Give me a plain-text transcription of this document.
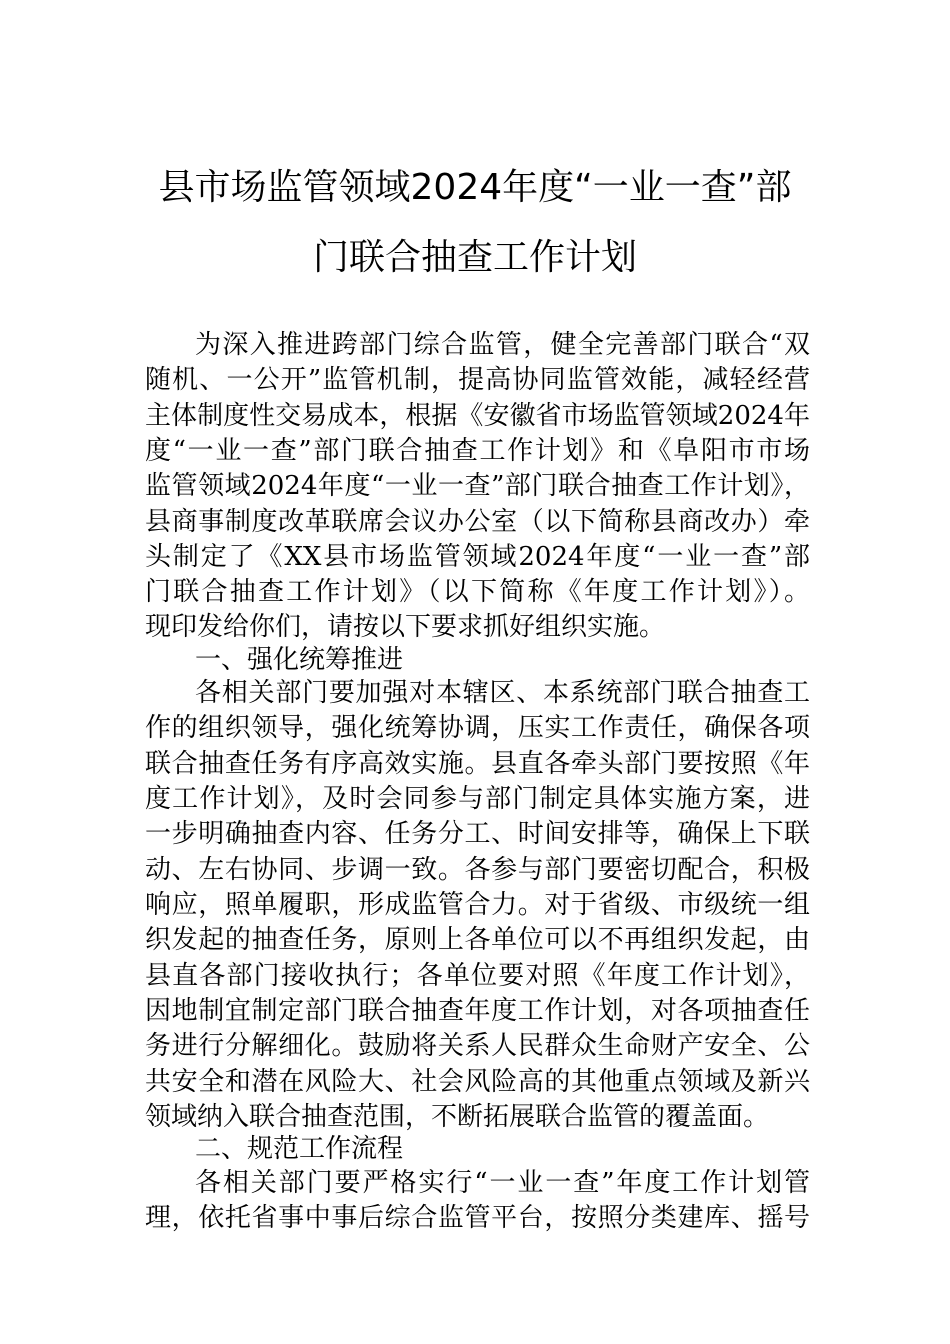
县市场监管领域2024年度“一业一查”部
门联合抽查工作计划
为深入推进跨部门综合监管，健全完善部门联合“双
随机、一公开”监管机制，提高协同监管效能，减轻经营
主体制度性交易成本，根据《安徽省市场监管领域2024年
度“一业一查”部门联合抽查工作计划》和《阜阳市市场
监管领域2024年度“一业一查”部门联合抽查工作计划》，
县商事制度改革联席会议办公室（以下简称县商改办）牵
头制定了《XX县市场监管领域2024年度“一业一查”部
门联合抽查工作计划》（以下简称《年度工作计划》）。
现印发给你们，请按以下要求抓好组织实施。
一、强化统筹推进
各相关部门要加强对本辖区、本系统部门联合抽查工
作的组织领导，强化统筹协调，压实工作责任，确保各项
联合抽查任务有序高效实施。县直各牵头部门要按照《年
度工作计划》，及时会同参与部门制定具体实施方案，进
一步明确抽查内容、任务分工、时间安排等，确保上下联
动、左右协同、步调一致。各参与部门要密切配合，积极
响应，照单履职，形成监管合力。对于省级、市级统一组
织发起的抽查任务，原则上各单位可以不再组织发起，由
县直各部门接收执行；各单位要对照《年度工作计划》，
因地制宜制定部门联合抽查年度工作计划，对各项抽查任
务进行分解细化。鼓励将关系人民群众生命财产安全、公
共安全和潜在风险大、社会风险高的其他重点领域及新兴
领域纳入联合抽查范围，不断拓展联合监管的覆盖面。
二、规范工作流程
各相关部门要严格实行“一业一查”年度工作计划管
理，依托省事中事后综合监管平台，按照分类建库、摇号
